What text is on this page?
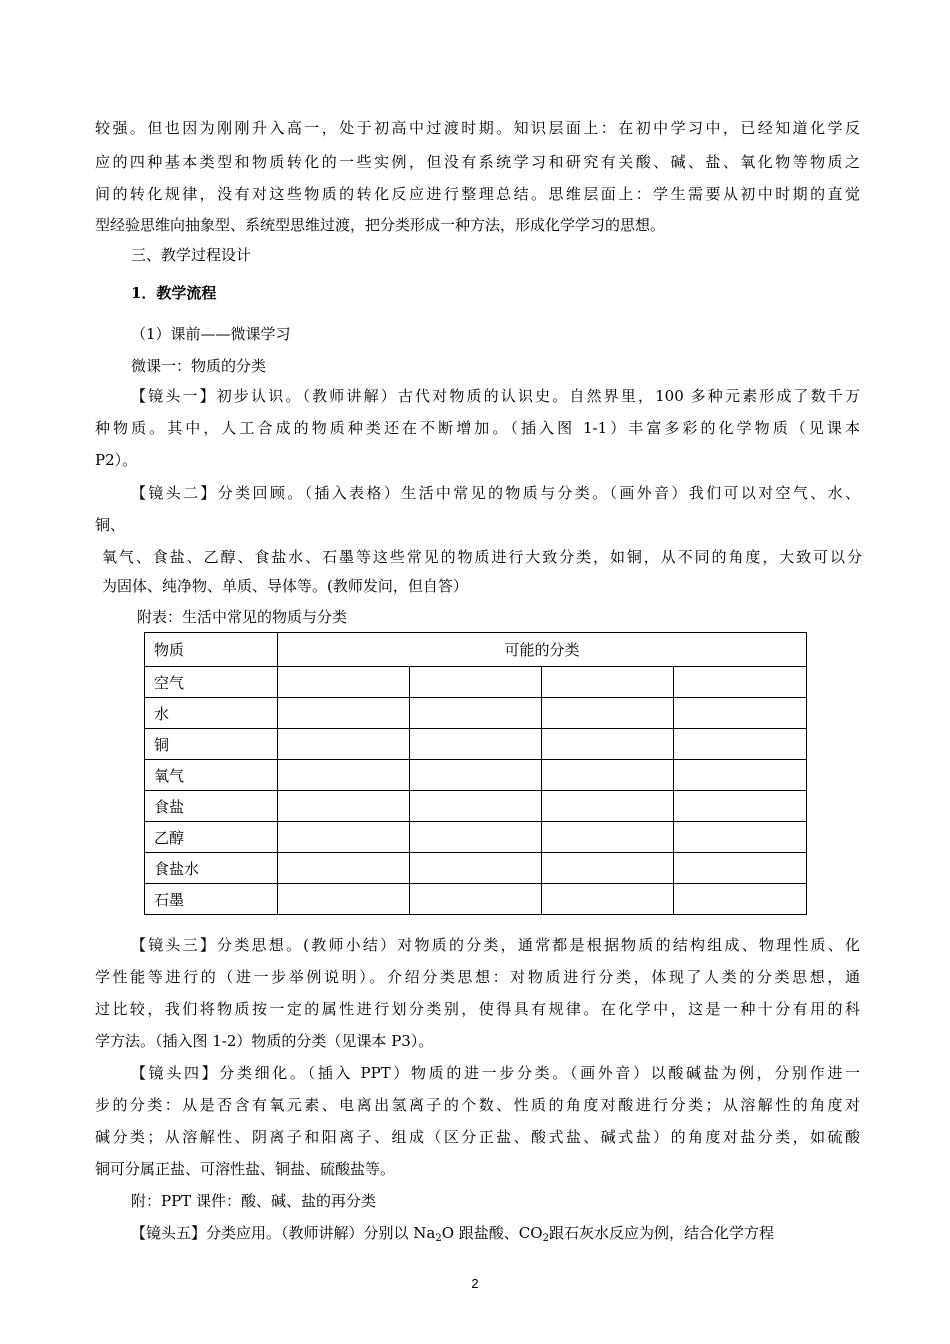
较强。但也因为刚刚升入高一，处于初高中过渡时期。知识层面上：在初中学习中，已经知道化学反
应的四种基本类型和物质转化的一些实例，但没有系统学习和研究有关酸、碱、盐、氧化物等物质之
间的转化规律，没有对这些物质的转化反应进行整理总结。思维层面上：学生需要从初中时期的直觉
型经验思维向抽象型、系统型思维过渡，把分类形成一种方法，形成化学学习的思想。
三、教学过程设计
1．教学流程
（1）课前——微课学习
微课一：物质的分类
【镜头一】初步认识。（教师讲解）古代对物质的认识史。自然界里，100 多种元素形成了数千万
种物质。其中，人工合成的物质种类还在不断增加。（插入图 1-1）丰富多彩的化学物质（见课本
P2）。
【镜头二】分类回顾。（插入表格）生活中常见的物质与分类。（画外音）我们可以对空气、水、
铜、
氧气、食盐、乙醇、食盐水、石墨等这些常见的物质进行大致分类，如铜，从不同的角度，大致可以分
为固体、纯净物、单质、导体等。(教师发问，但自答）
附表：生活中常见的物质与分类
物质	可能的分类			
空气				
水				
铜				
氧气				
食盐				
乙醇				
食盐水				
石墨				
【镜头三】分类思想。(教师小结）对物质的分类，通常都是根据物质的结构组成、物理性质、化
学性能等进行的（进一步举例说明）。介绍分类思想：对物质进行分类，体现了人类的分类思想，通
过比较，我们将物质按一定的属性进行划分类别，使得具有规律。在化学中，这是一种十分有用的科
学方法。（插入图 1-2）物质的分类（见课本 P3）。
【镜头四】分类细化。（插入 PPT）物质的进一步分类。（画外音）以酸碱盐为例，分别作进一
步的分类：从是否含有氧元素、电离出氢离子的个数、性质的角度对酸进行分类；从溶解性的角度对
碱分类；从溶解性、阴离子和阳离子、组成（区分正盐、酸式盐、碱式盐）的角度对盐分类，如硫酸
铜可分属正盐、可溶性盐、铜盐、硫酸盐等。
附：PPT 课件：酸、碱、盐的再分类
【镜头五】分类应用。（教师讲解）分别以 $Na_2O$ 跟盐酸、$CO_2$跟石灰水反应为例，结合化学方程
2
